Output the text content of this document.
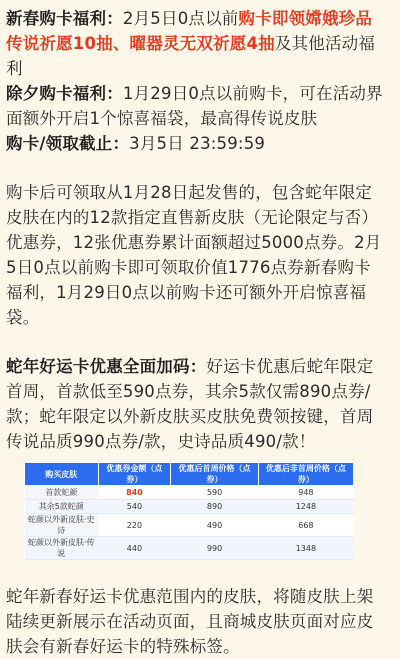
新春购卡福利：2月5日0点以前购卡即领嫦娥珍品传说祈愿10抽、曜器灵无双祈愿4抽及其他活动福利

除夕购卡福利：1月29日0点以前购卡，可在活动界面额外开启1个惊喜福袋，最高得传说皮肤

购卡/领取截止：3月5日 23:59:59

购卡后可领取从1月28日起发售的，包含蛇年限定皮肤在内的12款指定直售新皮肤（无论限定与否）优惠券，12张优惠券累计面额超过5000点券。2月5日0点以前购卡即可领取价值1776点券新春购卡福利，1月29日0点以前购卡还可额外开启惊喜福袋。

蛇年好运卡优惠全面加码：好运卡优惠后蛇年限定首周，首款低至590点券，其余5款仅需890点券/款；蛇年限定以外新皮肤买皮肤免费领按键，首周传说品质990点券/款，史诗品质490/款！

购买皮肤	优惠券金额（点券）	优惠后首周价格（点券）	优惠后非首周价格（点券）
首款蛇颜	840	590	948
其余5款蛇颜	540	890	1248
蛇颜以外新皮肤·史诗	220	490	668
蛇颜以外新皮肤·传说	440	990	1348

蛇年新春好运卡优惠范围内的皮肤，将随皮肤上架陆续更新展示在活动页面，且商城皮肤页面对应皮肤会有新春好运卡的特殊标签。
